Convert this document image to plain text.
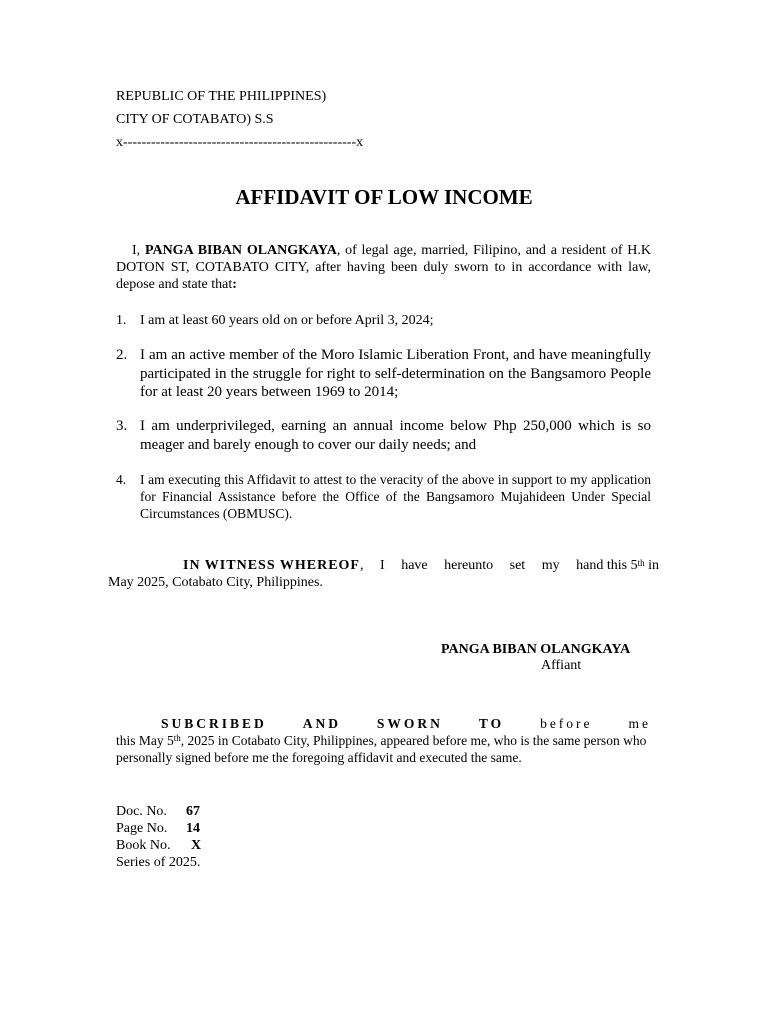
REPUBLIC OF THE PHILIPPINES)
CITY OF COTABATO) S.S
x--------------------------------------------------x
AFFIDAVIT OF LOW INCOME
I, PANGA BIBAN OLANGKAYA, of legal age, married, Filipino, and a resident of H.K DOTON ST, COTABATO CITY, after having been duly sworn to in accordance with law, depose and state that:
1. I am at least 60 years old on or before April 3, 2024;
2. I am an active member of the Moro Islamic Liberation Front, and have meaningfully participated in the struggle for right to self-determination on the Bangsamoro People for at least 20 years between 1969 to 2014;
3. I am underprivileged, earning an annual income below Php 250,000 which is so meager and barely enough to cover our daily needs; and
4. I am executing this Affidavit to attest to the veracity of the above in support to my application for Financial Assistance before the Office of the Bangsamoro Mujahideen Under Special Circumstances (OBMUSC).
IN WITNESS WHEREOF, I have hereunto set my hand this 5th in
May 2025, Cotabato City, Philippines.
PANGA BIBAN OLANGKAYA
Affiant
SUBCRIBED	AND	SWORN	TO	before	me
this May 5th, 2025 in Cotabato City, Philippines, appeared before me, who is the same person who personally signed before me the foregoing affidavit and executed the same.
Doc. No.	67
Page No.	14
Book No.	X
Series of 2025.
